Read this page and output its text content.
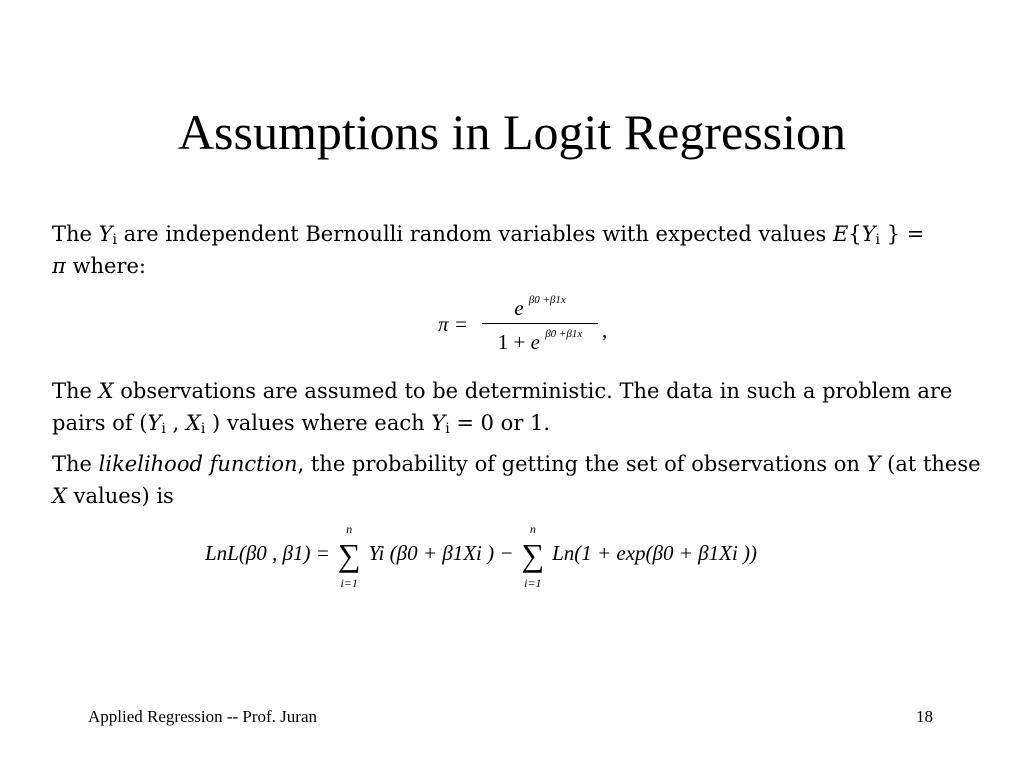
Assumptions in Logit Regression
The $Y_i$ are independent Bernoulli random variables with expected values $E\{Y_i$ } =
π where:
π =
e $^{\beta 0 +\beta 1x}$
1 + e $^{\beta 0 +\beta 1x}$ ,
The X observations are assumed to be deterministic. The data in such a problem are pairs of ($Y_i$ , $X_i$ ) values where each $Y_i = 0$ or 1.
The likelihood function, the probability of getting the set of observations on Y (at these X values) is
LnL(β0 , β1) =
n
∑
i=1
Yi (β0 + β1Xi ) −
n
∑
i=1
Ln(1 + exp(β0 + β1Xi ))
Applied Regression -- Prof. Juran	18
